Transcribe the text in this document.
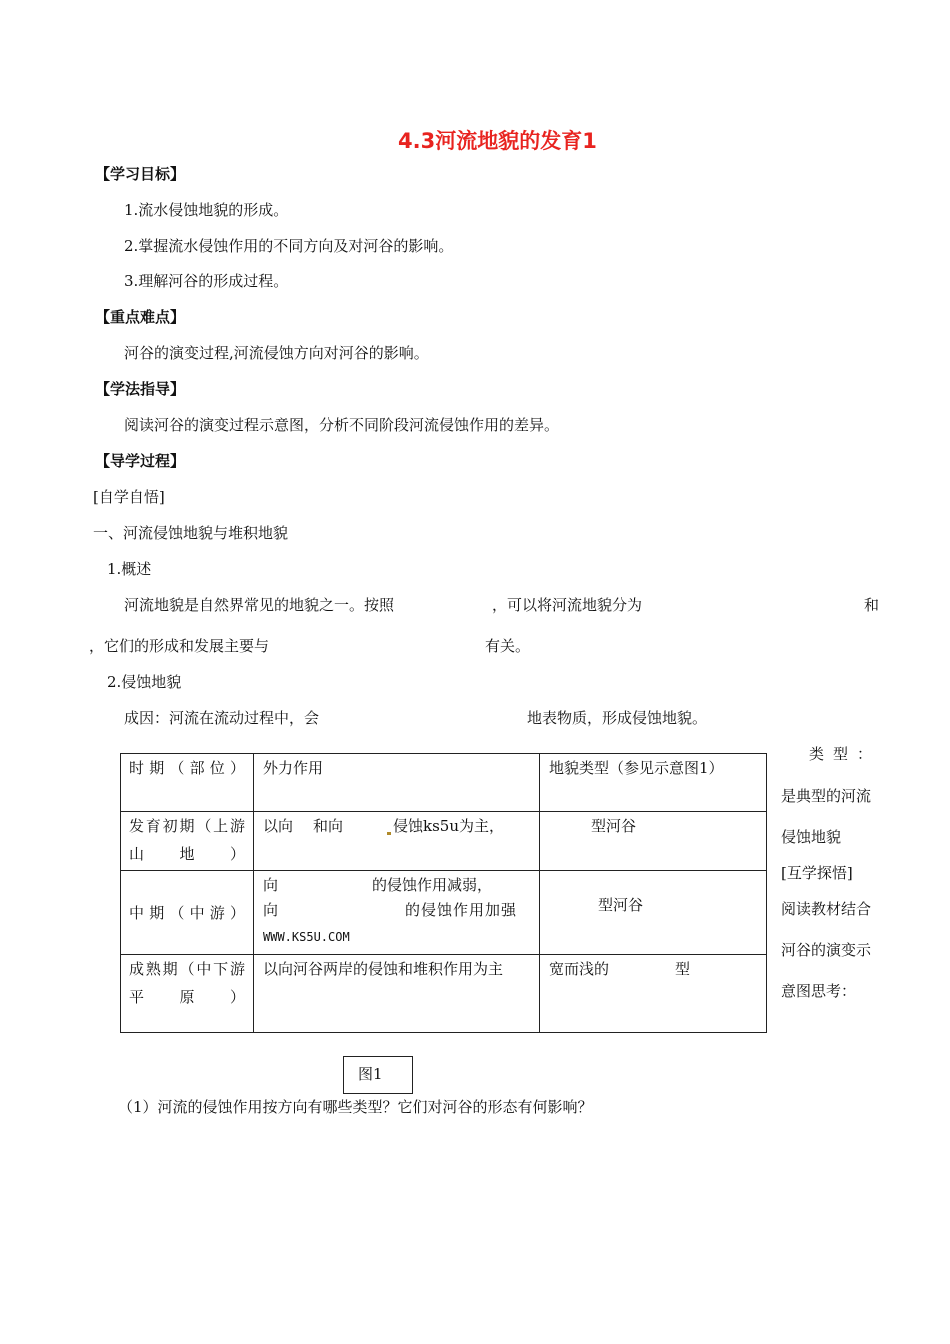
4.3河流地貌的发育1
【学习目标】
1.流水侵蚀地貌的形成。
2.掌握流水侵蚀作用的不同方向及对河谷的影响。
3.理解河谷的形成过程。
【重点难点】
河谷的演变过程,河流侵蚀方向对河谷的影响。
【学法指导】
阅读河谷的演变过程示意图，分析不同阶段河流侵蚀作用的差异。
【导学过程】
[自学自悟]
一、河流侵蚀地貌与堆积地貌
1.概述
河流地貌是自然界常见的地貌之一。按照	，可以将河流地貌分为	和
，它们的形成和发展主要与	有关。
2.侵蚀地貌
成因：河流在流动过程中，会	地表物质，形成侵蚀地貌。
时期（部位）	外力作用	地貌类型（参见示意图1）

发育初期（上游山地）	以向 和向 侵蚀ks5u为主，	型河谷

中期（中游）	向 的侵蚀作用减弱，
向 的侵蚀作用加强
WWW.KS5U.COM	型河谷

成熟期（中下游平原）	以向河谷两岸的侵蚀和堆积作用为主	宽而浅的 型
类型：
是典型的河流
侵蚀地貌
[互学探悟]
阅读教材结合
河谷的演变示
意图思考：
图1
（1）河流的侵蚀作用按方向有哪些类型？它们对河谷的形态有何影响？
